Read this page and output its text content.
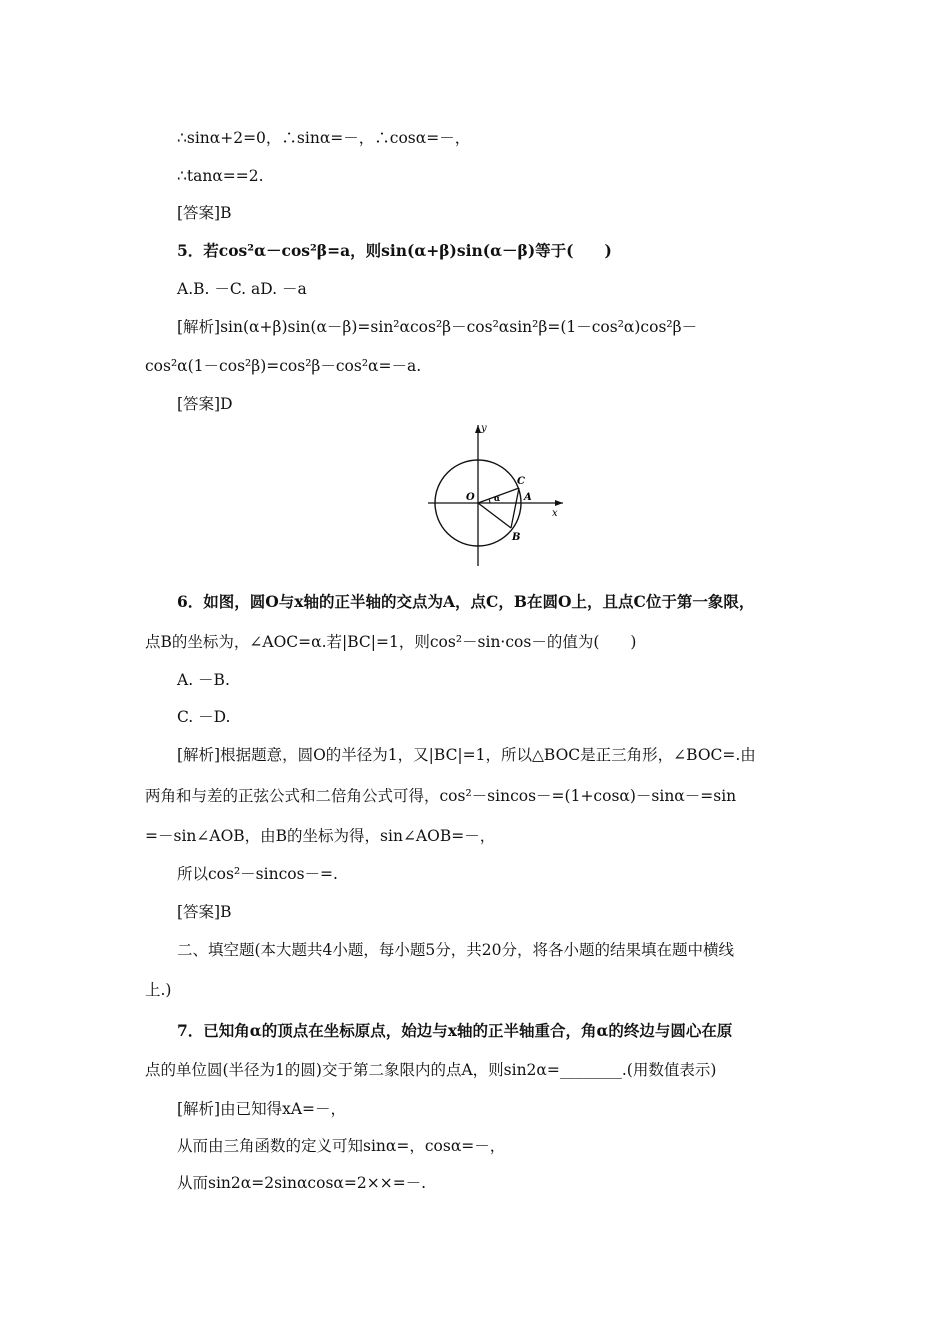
∴sinα+2=0，∴sinα=－，∴cosα=－，
∴tanα==2.
[答案]B
5．若cos²α－cos²β=a，则sin(α+β)sin(α－β)等于(　　)
A.B. －C. aD. －a
[解析]sin(α+β)sin(α－β)=sin²αcos²β－cos²αsin²β=(1－cos²α)cos²β－
cos²α(1－cos²β)=cos²β－cos²α=－a.
[答案]D
y
x
O
C
A
B
α
6．如图，圆O与x轴的正半轴的交点为A，点C，B在圆O上，且点C位于第一象限，
点B的坐标为，∠AOC=α.若|BC|=1，则cos²－sin·cos－的值为(　　)
A. －B.
C. －D.
[解析]根据题意，圆O的半径为1，又|BC|=1，所以△BOC是正三角形，∠BOC=.由
两角和与差的正弦公式和二倍角公式可得，cos²－sincos－=(1+cosα)－sinα－=sin
=－sin∠AOB，由B的坐标为得，sin∠AOB=－，
所以cos²－sincos－=.
[答案]B
二、填空题(本大题共4小题，每小题5分，共20分，将各小题的结果填在题中横线
上.)
7．已知角α的顶点在坐标原点，始边与x轴的正半轴重合，角α的终边与圆心在原
点的单位圆(半径为1的圆)交于第二象限内的点A，则sin2α=________.(用数值表示)
[解析]由已知得xA=－，
从而由三角函数的定义可知sinα=，cosα=－，
从而sin2α=2sinαcosα=2××=－.
